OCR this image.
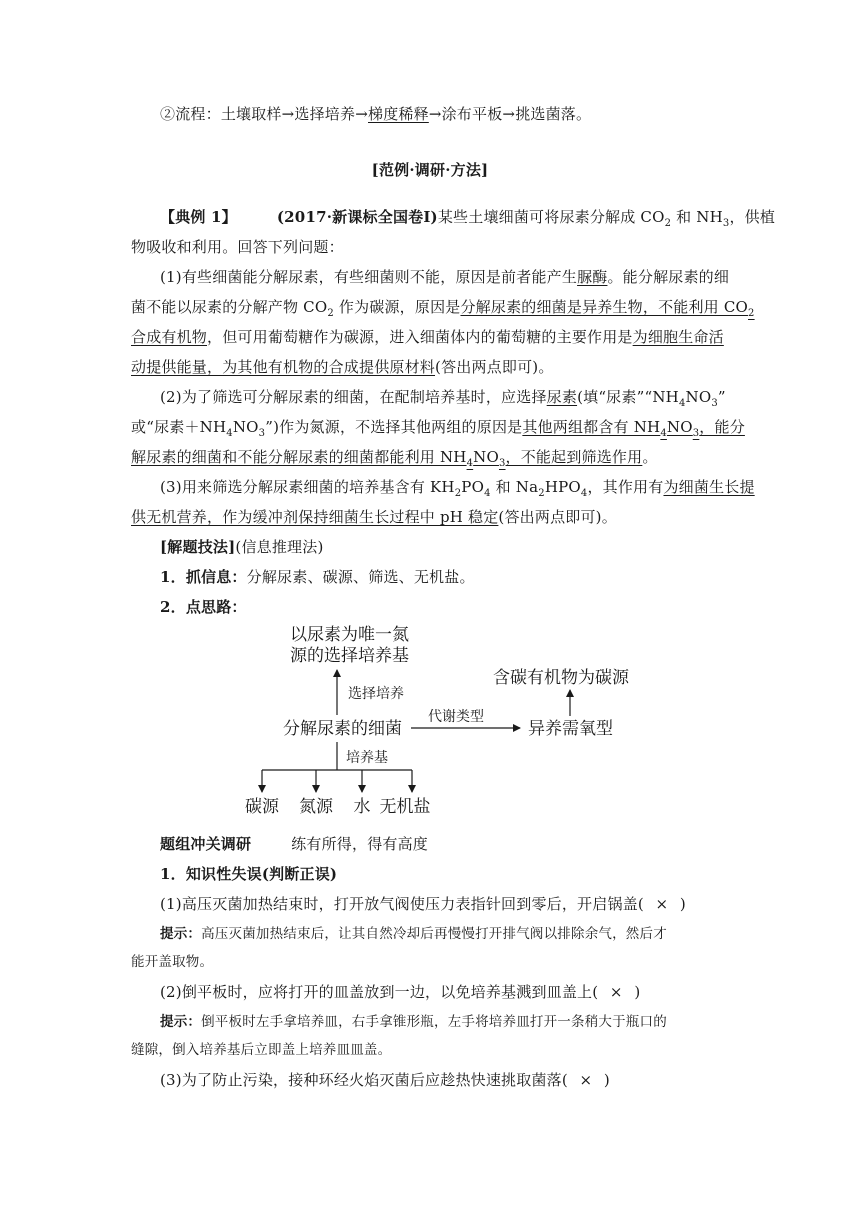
②流程：土壤取样→选择培养→梯度稀释→涂布平板→挑选菌落。
[范例·调研·方法]
【典例 1】	(2017·新课标全国卷Ⅰ)某些土壤细菌可将尿素分解成 $CO_2$ 和 $NH_3$，供植
物吸收和利用。回答下列问题：
(1)有些细菌能分解尿素，有些细菌则不能，原因是前者能产生脲酶。能分解尿素的细
菌不能以尿素的分解产物 $CO_2$ 作为碳源，原因是分解尿素的细菌是异养生物，不能利用 $CO_2$
合成有机物，但可用葡萄糖作为碳源，进入细菌体内的葡萄糖的主要作用是为细胞生命活
动提供能量，为其他有机物的合成提供原材料(答出两点即可)。
(2)为了筛选可分解尿素的细菌，在配制培养基时，应选择尿素(填“尿素$”“NH_4NO_3$”
或“尿素$+NH_4NO_3$”)作为氮源，不选择其他两组的原因是其他两组都含有 $NH_4NO_3$，能分
解尿素的细菌和不能分解尿素的细菌都能利用 $NH_4NO_3$，不能起到筛选作用。
(3)用来筛选分解尿素细菌的培养基含有 $KH_2PO_4$ 和 $Na_2HPO_4$，其作用有为细菌生长提
供无机营养，作为缓冲剂保持细菌生长过程中 pH 稳定(答出两点即可)。
[解题技法](信息推理法)
1．抓信息：分解尿素、碳源、筛选、无机盐。
2．点思路：
以尿素为唯一氮
源的选择培养基
选择培养
分解尿素的细菌
代谢类型
异养需氧型
含碳有机物为碳源
培养基
碳源 氮源 水 无机盐
题组冲关调研	练有所得，得有高度
1．知识性失误(判断正误)
(1)高压灭菌加热结束时，打开放气阀使压力表指针回到零后，开启锅盖( × )
提示：高压灭菌加热结束后，让其自然冷却后再慢慢打开排气阀以排除余气，然后才
能开盖取物。
(2)倒平板时，应将打开的皿盖放到一边，以免培养基溅到皿盖上( × )
提示：倒平板时左手拿培养皿，右手拿锥形瓶，左手将培养皿打开一条稍大于瓶口的
缝隙，倒入培养基后立即盖上培养皿皿盖。
(3)为了防止污染，接种环经火焰灭菌后应趁热快速挑取菌落( × )
